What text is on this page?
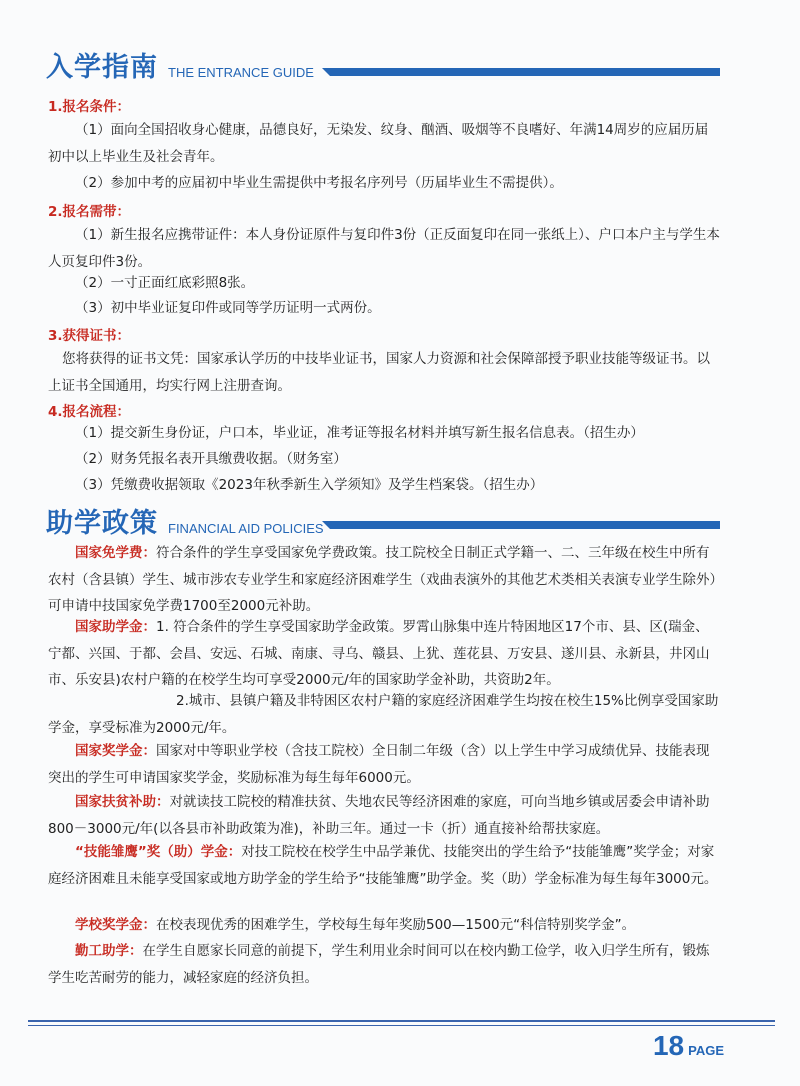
入学指南 THE ENTRANCE GUIDE
1.报名条件：
（1）面向全国招收身心健康，品德良好，无染发、纹身、酗酒、吸烟等不良嗜好、年满14周岁的应届历届初中以上毕业生及社会青年。
（2）参加中考的应届初中毕业生需提供中考报名序列号（历届毕业生不需提供）。
2.报名需带：
（1）新生报名应携带证件：本人身份证原件与复印件3份（正反面复印在同一张纸上）、户口本户主与学生本人页复印件3份。
（2）一寸正面红底彩照8张。
（3）初中毕业证复印件或同等学历证明一式两份。
3.获得证书：
您将获得的证书文凭：国家承认学历的中技毕业证书，国家人力资源和社会保障部授予职业技能等级证书。以上证书全国通用，均实行网上注册查询。
4.报名流程：
（1）提交新生身份证，户口本，毕业证，准考证等报名材料并填写新生报名信息表。（招生办）
（2）财务凭报名表开具缴费收据。（财务室）
（3）凭缴费收据领取《2023年秋季新生入学须知》及学生档案袋。（招生办）
助学政策 FINANCIAL AID POLICIES
国家免学费：符合条件的学生享受国家免学费政策。技工院校全日制正式学籍一、二、三年级在校生中所有农村（含县镇）学生、城市涉农专业学生和家庭经济困难学生（戏曲表演外的其他艺术类相关表演专业学生除外）可申请中技国家免学费1700至2000元补助。
国家助学金：1. 符合条件的学生享受国家助学金政策。罗霄山脉集中连片特困地区17个市、县、区(瑞金、宁都、兴国、于都、会昌、安远、石城、南康、寻乌、赣县、上犹、莲花县、万安县、遂川县、永新县，井冈山市、乐安县)农村户籍的在校学生均可享受2000元/年的国家助学金补助，共资助2年。
2.城市、县镇户籍及非特困区农村户籍的家庭经济困难学生均按在校生15%比例享受国家助学金，享受标准为2000元/年。
国家奖学金：国家对中等职业学校（含技工院校）全日制二年级（含）以上学生中学习成绩优异、技能表现突出的学生可申请国家奖学金，奖励标准为每生每年6000元。
国家扶贫补助：对就读技工院校的精准扶贫、失地农民等经济困难的家庭，可向当地乡镇或居委会申请补助800－3000元/年(以各县市补助政策为准)，补助三年。通过一卡（折）通直接补给帮扶家庭。
“技能雏鹰”奖（助）学金：对技工院校在校学生中品学兼优、技能突出的学生给予“技能雏鹰”奖学金；对家庭经济困难且未能享受国家或地方助学金的学生给予“技能雏鹰”助学金。奖（助）学金标准为每生每年3000元。
学校奖学金：在校表现优秀的困难学生，学校每生每年奖励500—1500元“科信特别奖学金”。
勤工助学：在学生自愿家长同意的前提下，学生利用业余时间可以在校内勤工俭学，收入归学生所有，锻炼学生吃苦耐劳的能力，减轻家庭的经济负担。
18 PAGE
